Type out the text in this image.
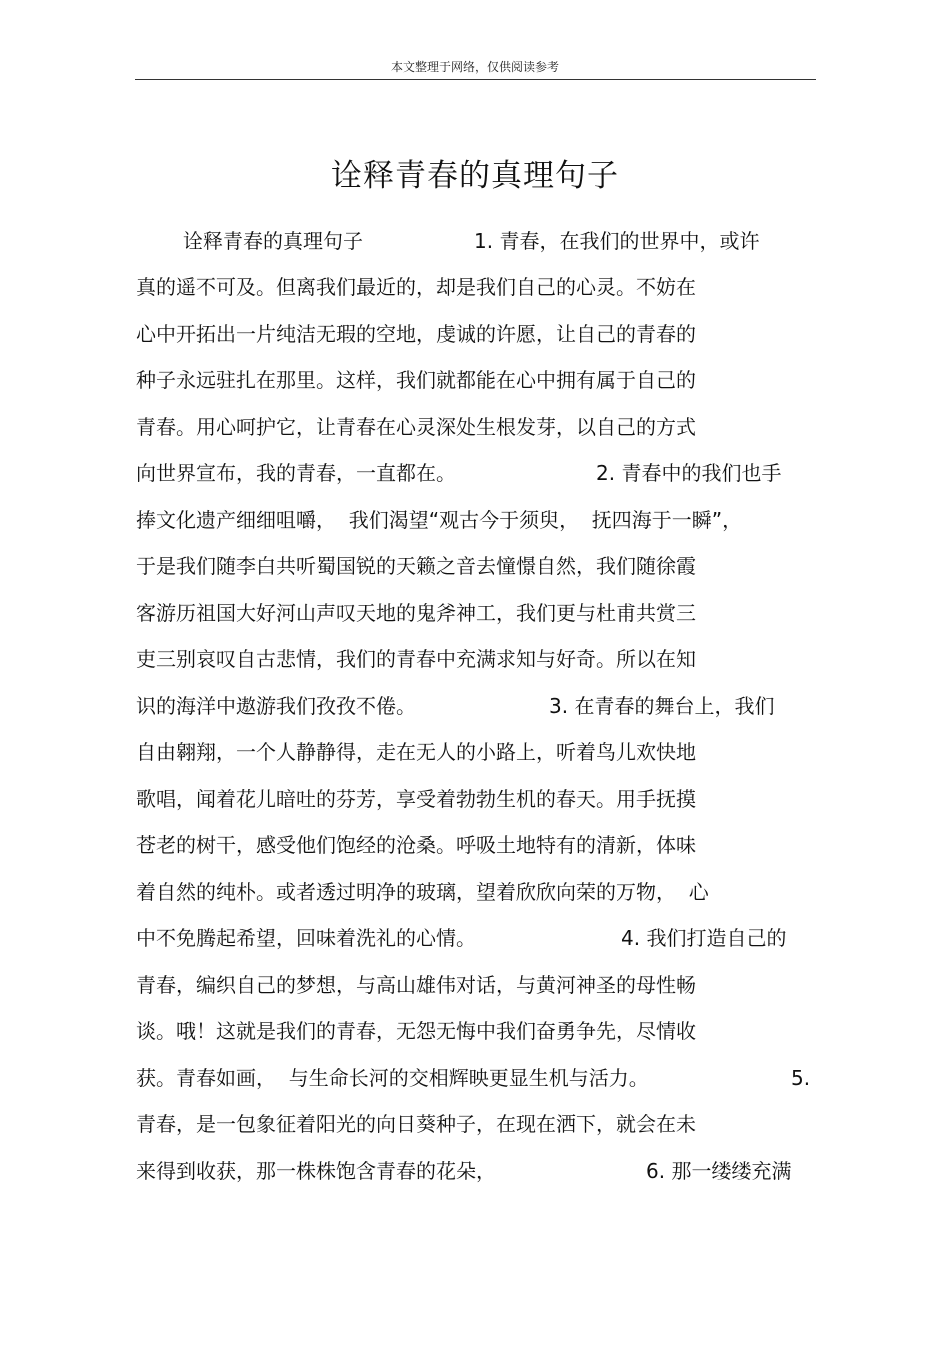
本文整理于网络，仅供阅读参考
诠释青春的真理句子
诠释青春的真理句子	1. 青春，在我们的世界中，或许
真的遥不可及。但离我们最近的，却是我们自己的心灵。不妨在
心中开拓出一片纯洁无瑕的空地，虔诚的许愿，让自己的青春的
种子永远驻扎在那里。这样，我们就都能在心中拥有属于自己的
青春。用心呵护它，让青春在心灵深处生根发芽，以自己的方式
向世界宣布，我的青春，一直都在。	2. 青春中的我们也手
捧文化遗产细细咀嚼，  我们渴望“观古今于须臾，  抚四海于一瞬”，
于是我们随李白共听蜀国锐的天籁之音去憧憬自然，我们随徐霞
客游历祖国大好河山声叹天地的鬼斧神工，我们更与杜甫共赏三
吏三别哀叹自古悲情，我们的青春中充满求知与好奇。所以在知
识的海洋中遨游我们孜孜不倦。	3. 在青春的舞台上，我们
自由翱翔，一个人静静得，走在无人的小路上，听着鸟儿欢快地
歌唱，闻着花儿暗吐的芬芳，享受着勃勃生机的春天。用手抚摸
苍老的树干，感受他们饱经的沧桑。呼吸土地特有的清新，体味
着自然的纯朴。或者透过明净的玻璃，望着欣欣向荣的万物，  心
中不免腾起希望，回味着洗礼的心情。	4. 我们打造自己的
青春，编织自己的梦想，与高山雄伟对话，与黄河神圣的母性畅
谈。哦！这就是我们的青春，无怨无悔中我们奋勇争先，尽情收
获。青春如画，  与生命长河的交相辉映更显生机与活力。	5.
青春，是一包象征着阳光的向日葵种子，在现在洒下，就会在未
来得到收获，那一株株饱含青春的花朵，	6. 那一缕缕充满
